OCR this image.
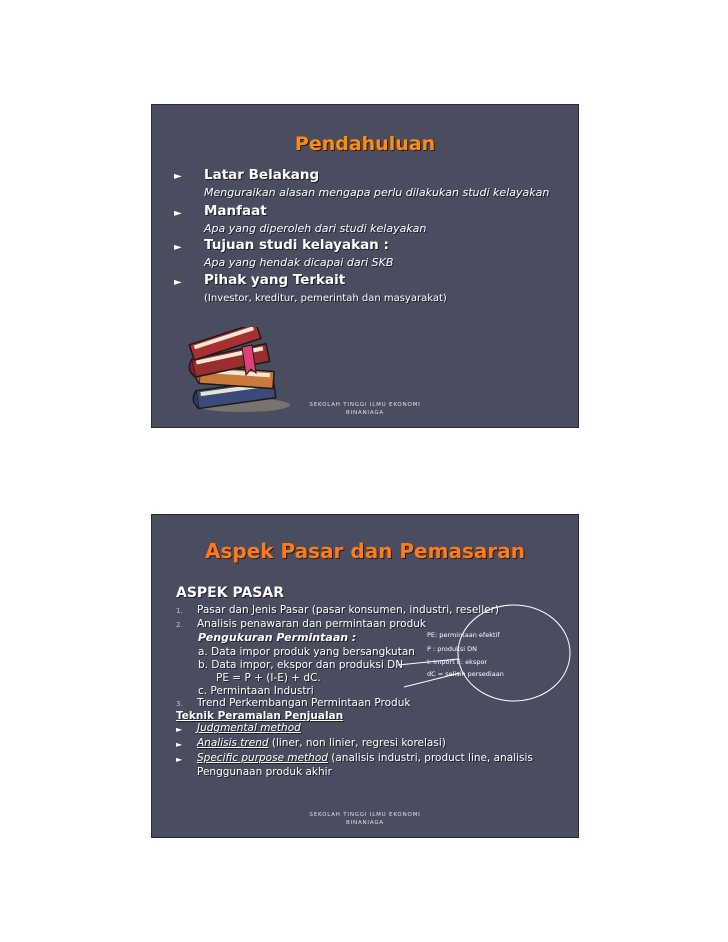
Pendahuluan
► Latar Belakang
Menguraikan alasan mengapa perlu dilakukan studi kelayakan
► Manfaat
Apa yang diperoleh dari studi kelayakan
► Tujuan studi kelayakan :
Apa yang hendak dicapai dari SKB
► Pihak yang Terkait
(Investor, kreditur, pemerintah dan masyarakat)
SEKOLAH TINGGI ILMU EKONOMI
BINANIAGA
Aspek Pasar dan Pemasaran
ASPEK PASAR
1. Pasar dan Jenis Pasar (pasar konsumen, industri, reseller)
2. Analisis penawaran dan permintaan produk
Pengukuran Permintaan :
a. Data impor produk yang bersangkutan
b. Data impor, ekspor dan produksi DN
PE = P + (I-E) + dC.
c. Permintaan Industri
3. Trend Perkembangan Permintaan Produk
Teknik Peramalan Penjualan
► Judgmental method
► Analisis trend (liner, non linier, regresi korelasi)
► Specific purpose method (analisis industri, product line, analisis
Penggunaan produk akhir
PE: permintaan efektif
P : produksi DN
I: Import E: ekspor
dC = selisih persediaan
SEKOLAH TINGGI ILMU EKONOMI
BINANIAGA
